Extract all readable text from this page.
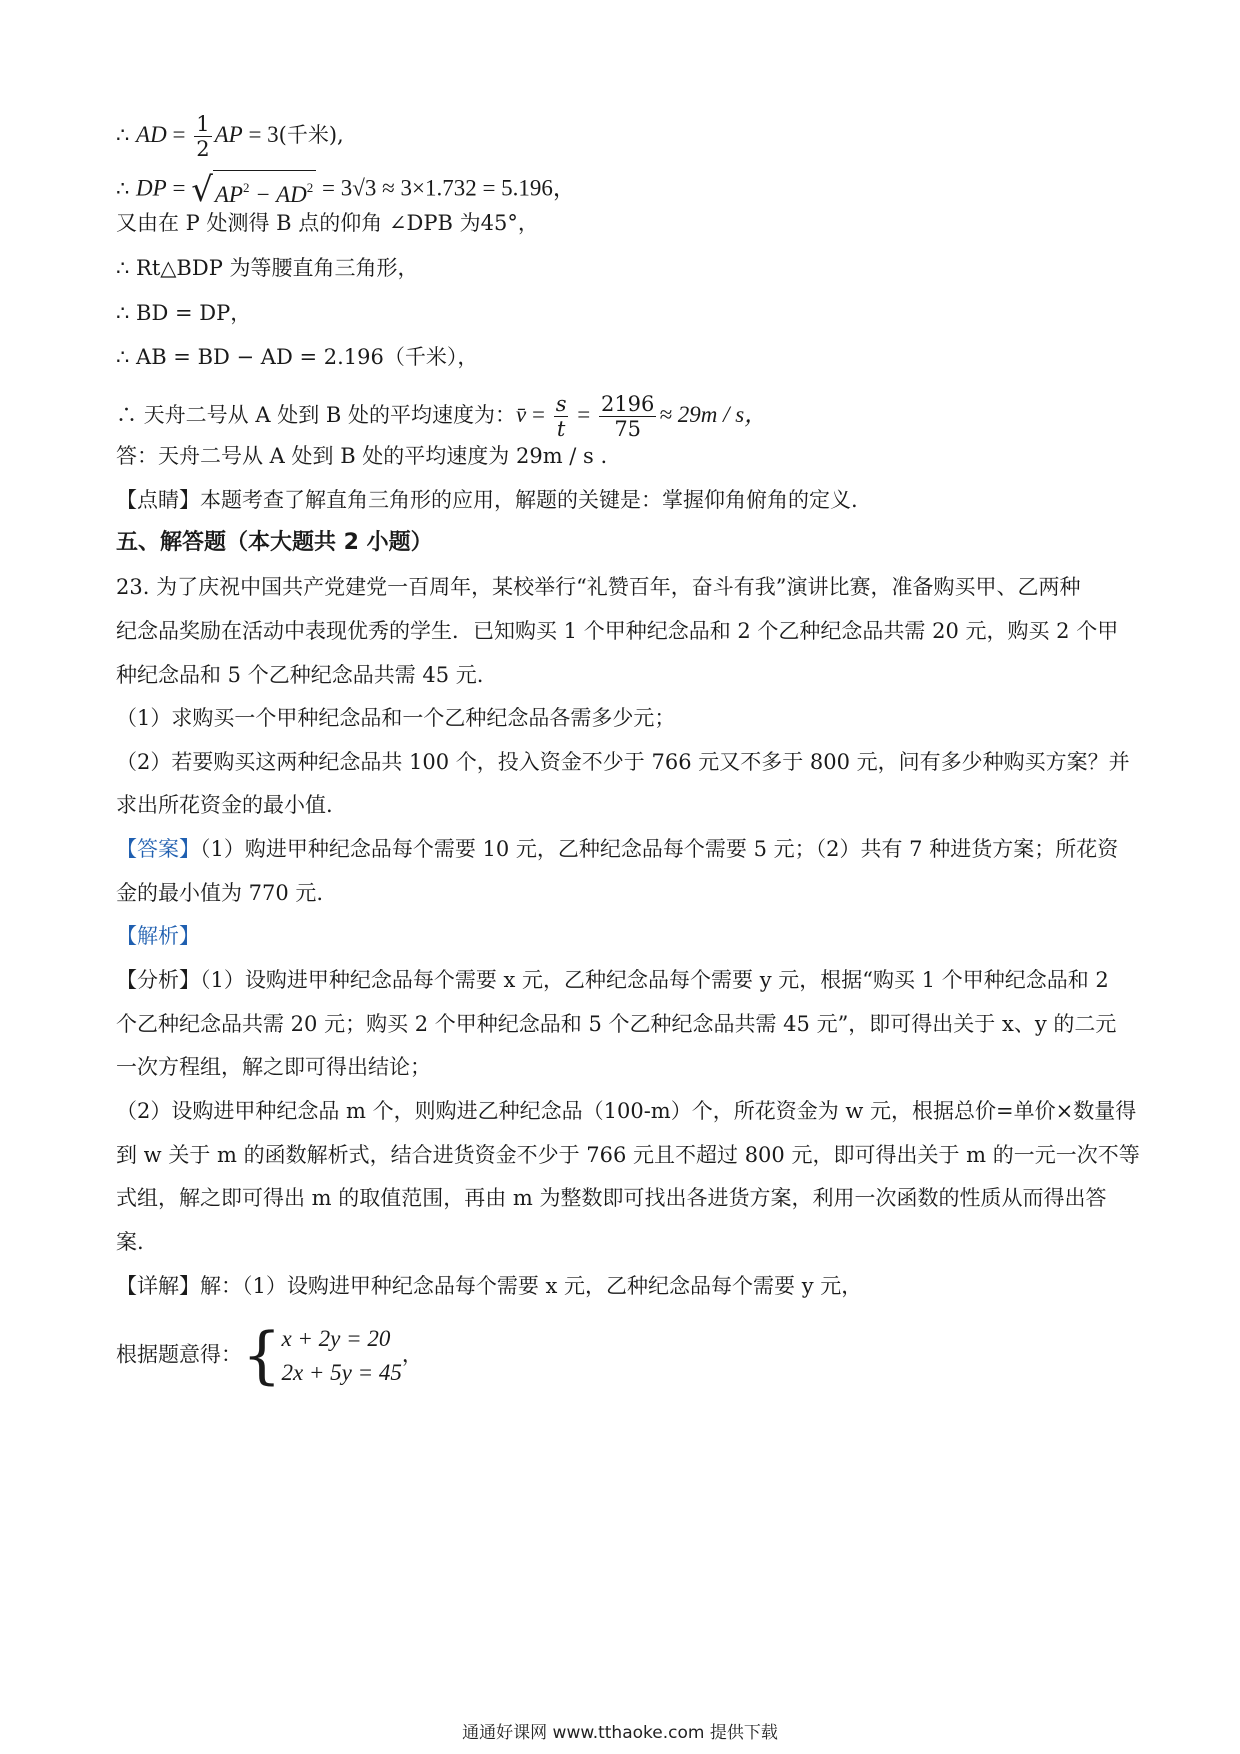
∴ AD = $\frac{1}{2}$ AP = 3(千米),
∴ DP = $√AP^2 - AD^2 = 3√3 \approx 3\times 1.732 = 5.196$，
又由在 P 处测得 B 点的仰角 ∠DPB 为45°，
∴ Rt△BDP 为等腰直角三角形，
∴ BD = DP，
∴ AB = BD − AD = 2.196（千米），
∴ 天舟二号从 A 处到 B 处的平均速度为：v̄ = $\frac{s}{t} = \frac{2196}{75} \approx 29m / s$，
答：天舟二号从 A 处到 B 处的平均速度为 29m / s .
【点睛】本题考查了解直角三角形的应用，解题的关键是：掌握仰角俯角的定义.
五、解答题（本大题共 2 小题）
23. 为了庆祝中国共产党建党一百周年，某校举行“礼赞百年，奋斗有我”演讲比赛，准备购买甲、乙两种
纪念品奖励在活动中表现优秀的学生．已知购买 1 个甲种纪念品和 2 个乙种纪念品共需 20 元，购买 2 个甲
种纪念品和 5 个乙种纪念品共需 45 元.
（1）求购买一个甲种纪念品和一个乙种纪念品各需多少元；
（2）若要购买这两种纪念品共 100 个，投入资金不少于 766 元又不多于 800 元，问有多少种购买方案？并
求出所花资金的最小值.
【答案】（1）购进甲种纪念品每个需要 10 元，乙种纪念品每个需要 5 元；（2）共有 7 种进货方案；所花资
金的最小值为 770 元.
【解析】
【分析】（1）设购进甲种纪念品每个需要 x 元，乙种纪念品每个需要 y 元，根据“购买 1 个甲种纪念品和 2
个乙种纪念品共需 20 元；购买 2 个甲种纪念品和 5 个乙种纪念品共需 45 元”，即可得出关于 x、y 的二元
一次方程组，解之即可得出结论；
（2）设购进甲种纪念品 m 个，则购进乙种纪念品（100-m）个，所花资金为 w 元，根据总价=单价×数量得
到 w 关于 m 的函数解析式，结合进货资金不少于 766 元且不超过 800 元，即可得出关于 m 的一元一次不等
式组，解之即可得出 m 的取值范围，再由 m 为整数即可找出各进货方案，利用一次函数的性质从而得出答
案.
【详解】解：（1）设购进甲种纪念品每个需要 x 元，乙种纪念品每个需要 y 元，
根据题意得：{ x + 2y = 20
2x + 5y = 45
，
通通好课网 www.tthaoke.com 提供下载
